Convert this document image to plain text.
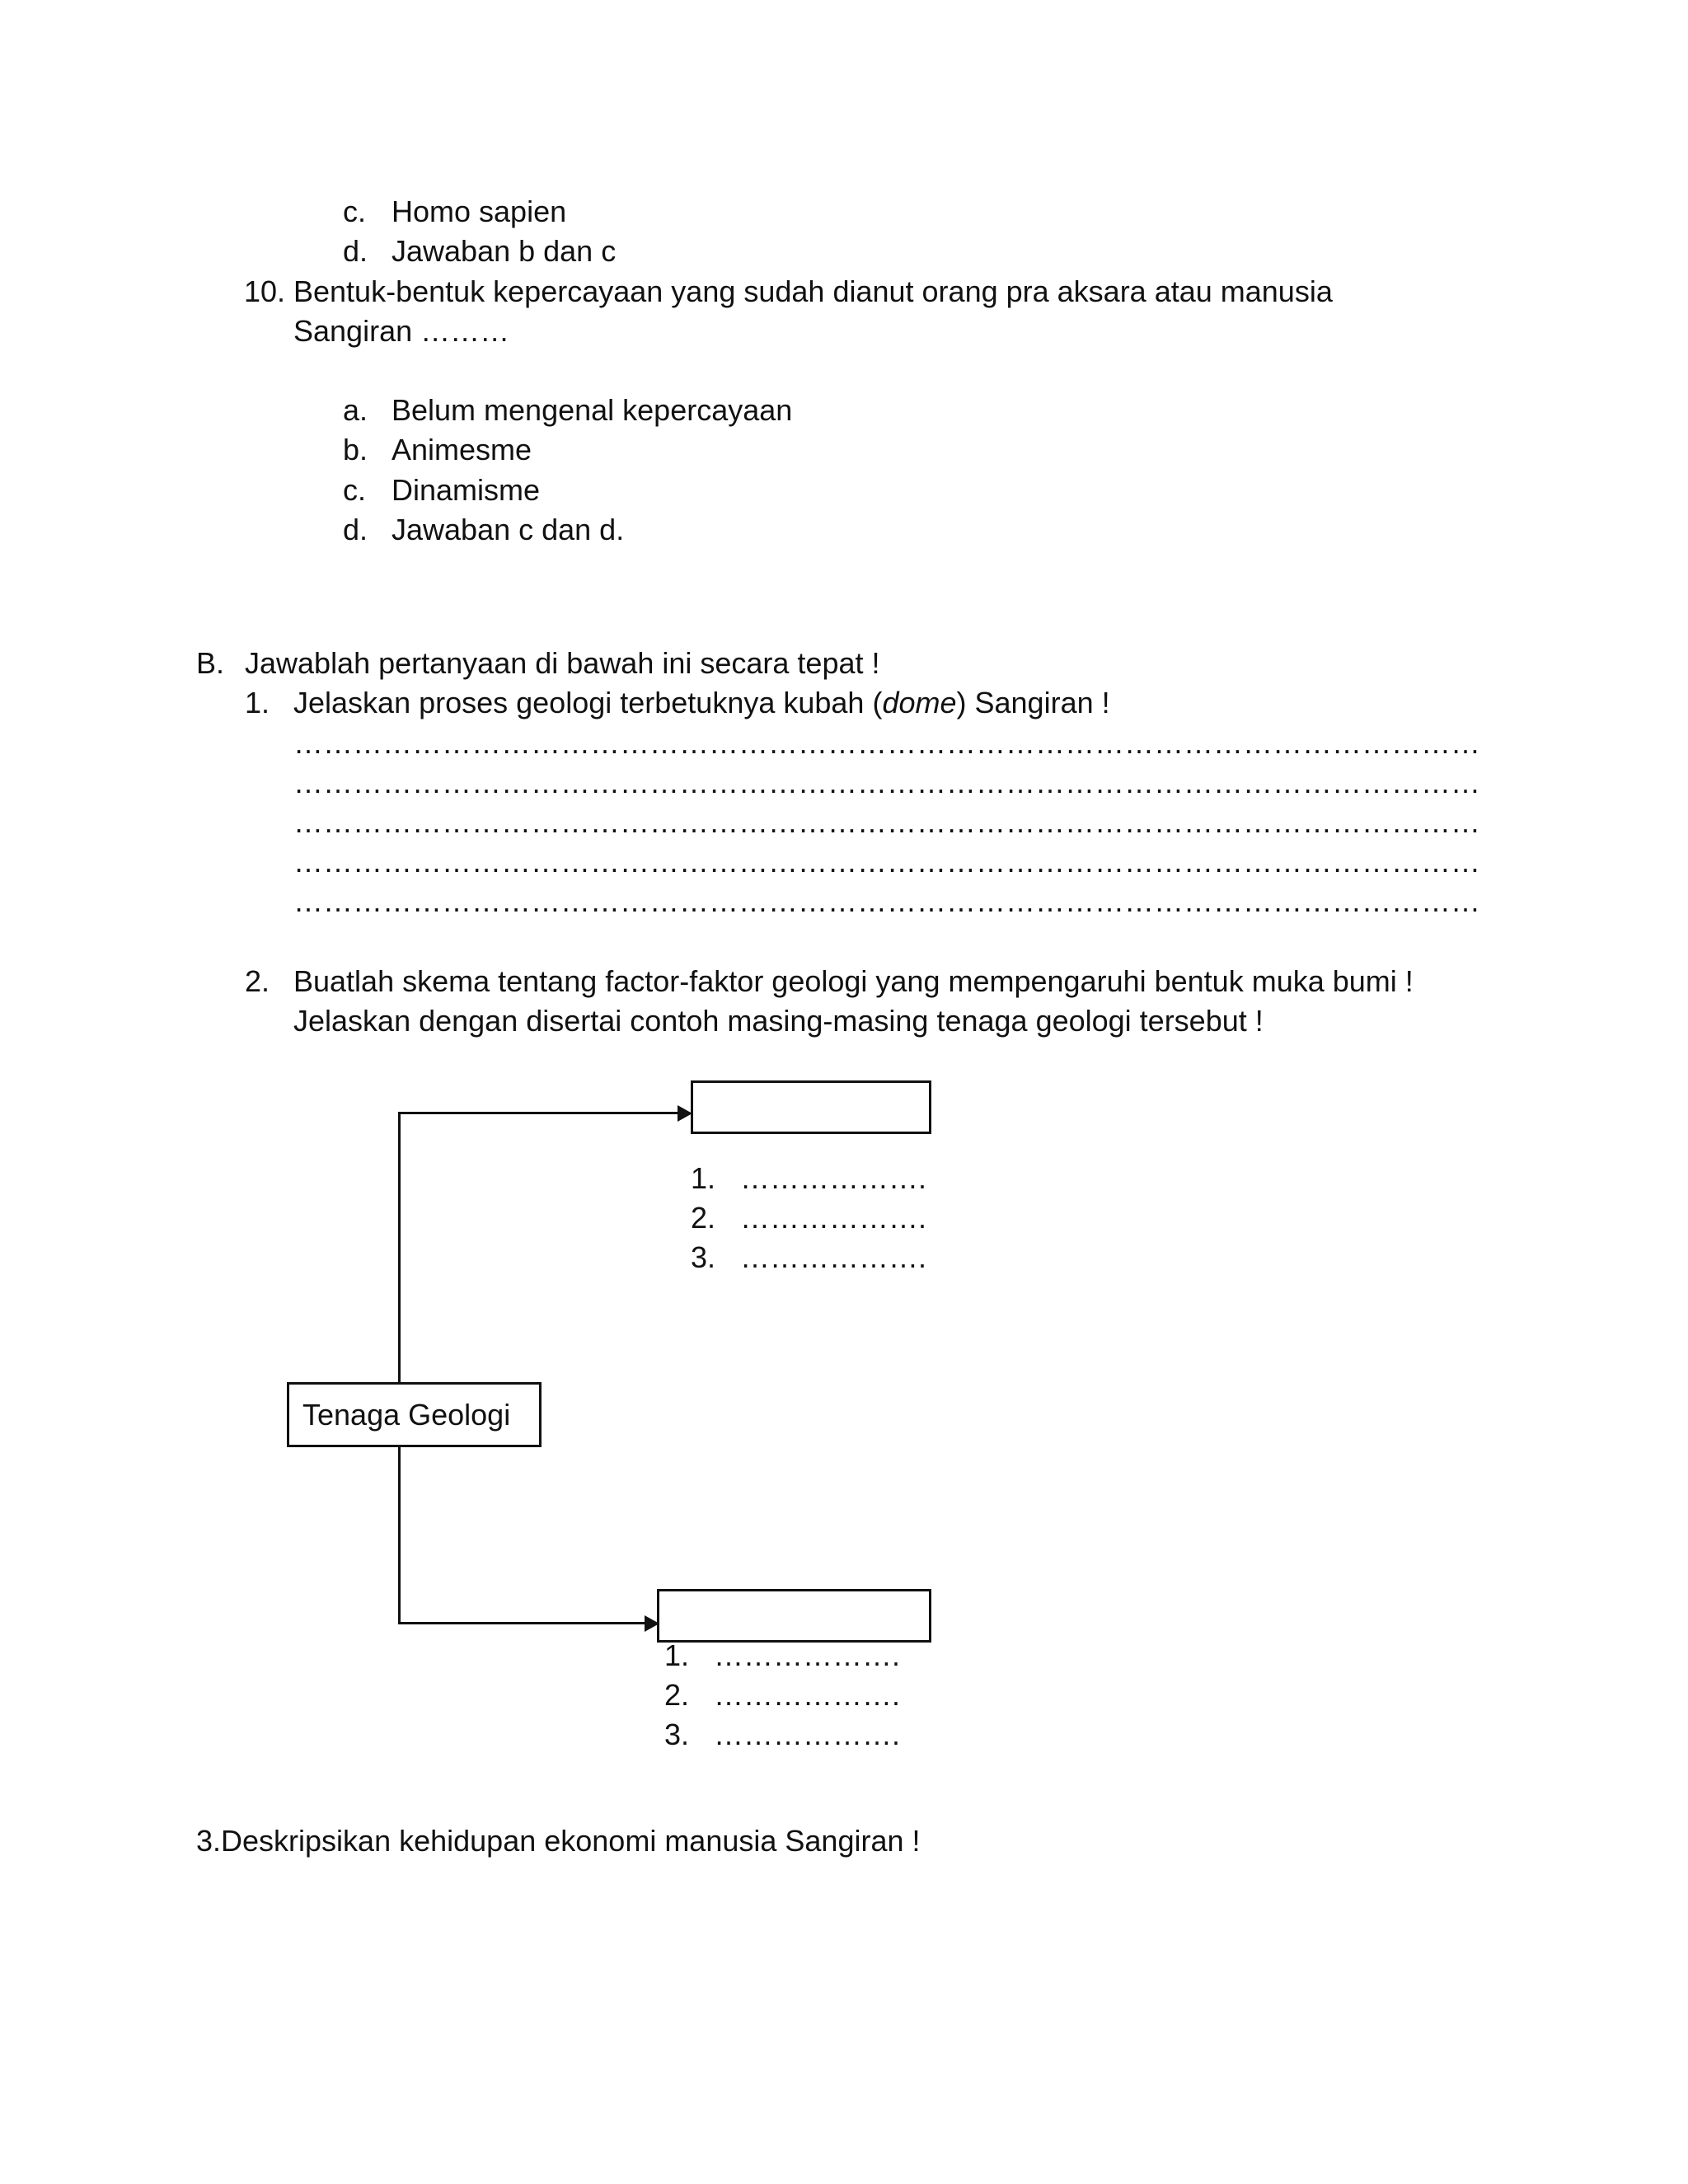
c. Homo sapien
d. Jawaban b dan c
10. Bentuk-bentuk kepercayaan yang sudah dianut orang pra aksara atau manusia
Sangiran ………
a. Belum mengenal kepercayaan
b. Animesme
c. Dinamisme
d. Jawaban c dan d.
B. Jawablah pertanyaan di bawah ini secara tepat !
1. Jelaskan proses geologi terbetuknya kubah (dome) Sangiran !
…………………………………………………………………………………………………………
…………………………………………………………………………………………………………
…………………………………………………………………………………………………………
…………………………………………………………………………………………………………
…………………………………………………………………………………………………………
2. Buatlah skema tentang factor-faktor geologi yang mempengaruhi bentuk muka bumi !
Jelaskan dengan disertai contoh masing-masing tenaga geologi tersebut !
Tenaga Geologi
1. ……………….
2. ……………….
3. ……………….
1. ……………….
2. ……………….
3. ……………….
3.Deskripsikan kehidupan ekonomi manusia Sangiran !
